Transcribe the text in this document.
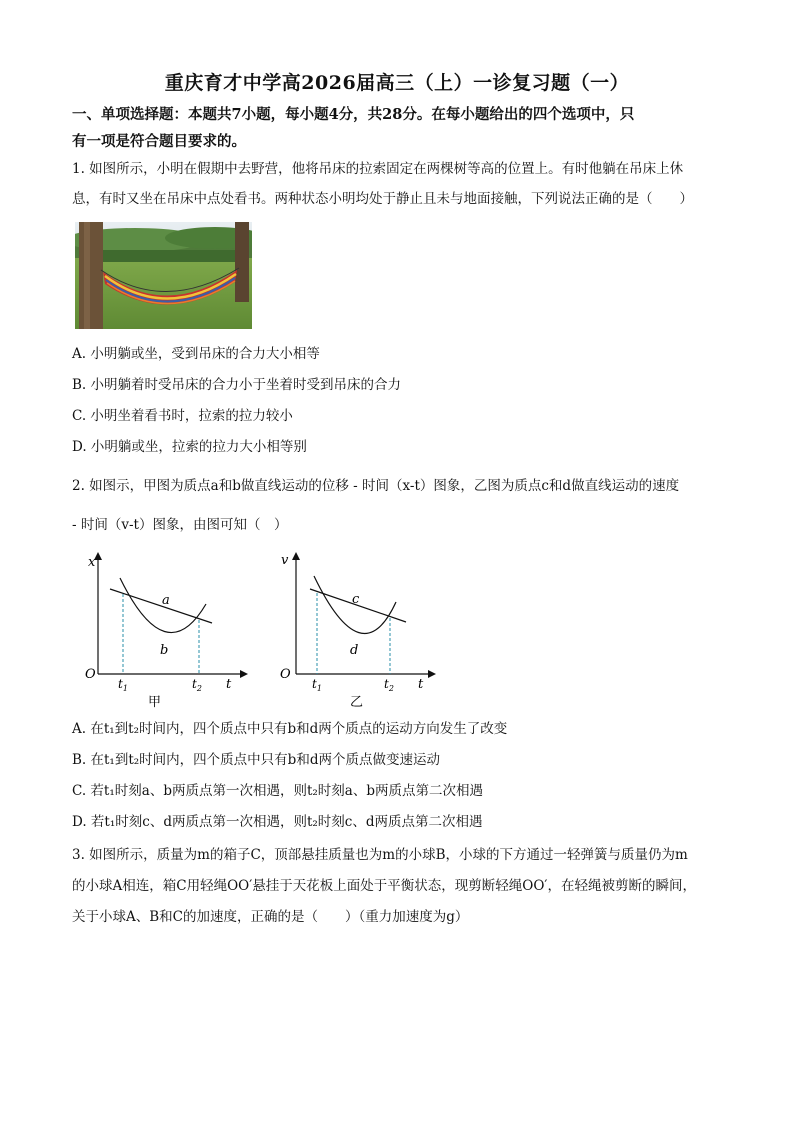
重庆育才中学高2026届高三（上）一诊复习题（一）
一、单项选择题：本题共7小题，每小题4分，共28分。在每小题给出的四个选项中，只
有一项是符合题目要求的。
1. 如图所示，小明在假期中去野营，他将吊床的拉索固定在两棵树等高的位置上。有时他躺在吊床上休
息，有时又坐在吊床中点处看书。两种状态小明均处于静止且未与地面接触，下列说法正确的是（　　）
A. 小明躺或坐，受到吊床的合力大小相等
B. 小明躺着时受吊床的合力小于坐着时受到吊床的合力
C. 小明坐着看书时，拉索的拉力较小
D. 小明躺或坐，拉索的拉力大小相等别
2. 如图示，甲图为质点a和b做直线运动的位移 - 时间（x-t）图象，乙图为质点c和d做直线运动的速度
- 时间（v-t）图象，由图可知（　）
x
t
O
a
b
$t_1$	$t_2$
甲
v
t
O
c
d
$t_1$	$t_2$
乙
A. 在t₁到t₂时间内，四个质点中只有b和d两个质点的运动方向发生了改变
B. 在t₁到t₂时间内，四个质点中只有b和d两个质点做变速运动
C. 若t₁时刻a、b两质点第一次相遇，则t₂时刻a、b两质点第二次相遇
D. 若t₁时刻c、d两质点第一次相遇，则t₂时刻c、d两质点第二次相遇
3. 如图所示，质量为m的箱子C，顶部悬挂质量也为m的小球B，小球的下方通过一轻弹簧与质量仍为m
的小球A相连，箱C用轻绳OO′悬挂于天花板上面处于平衡状态，现剪断轻绳OO′，在轻绳被剪断的瞬间，
关于小球A、B和C的加速度，正确的是（　　）（重力加速度为g）
